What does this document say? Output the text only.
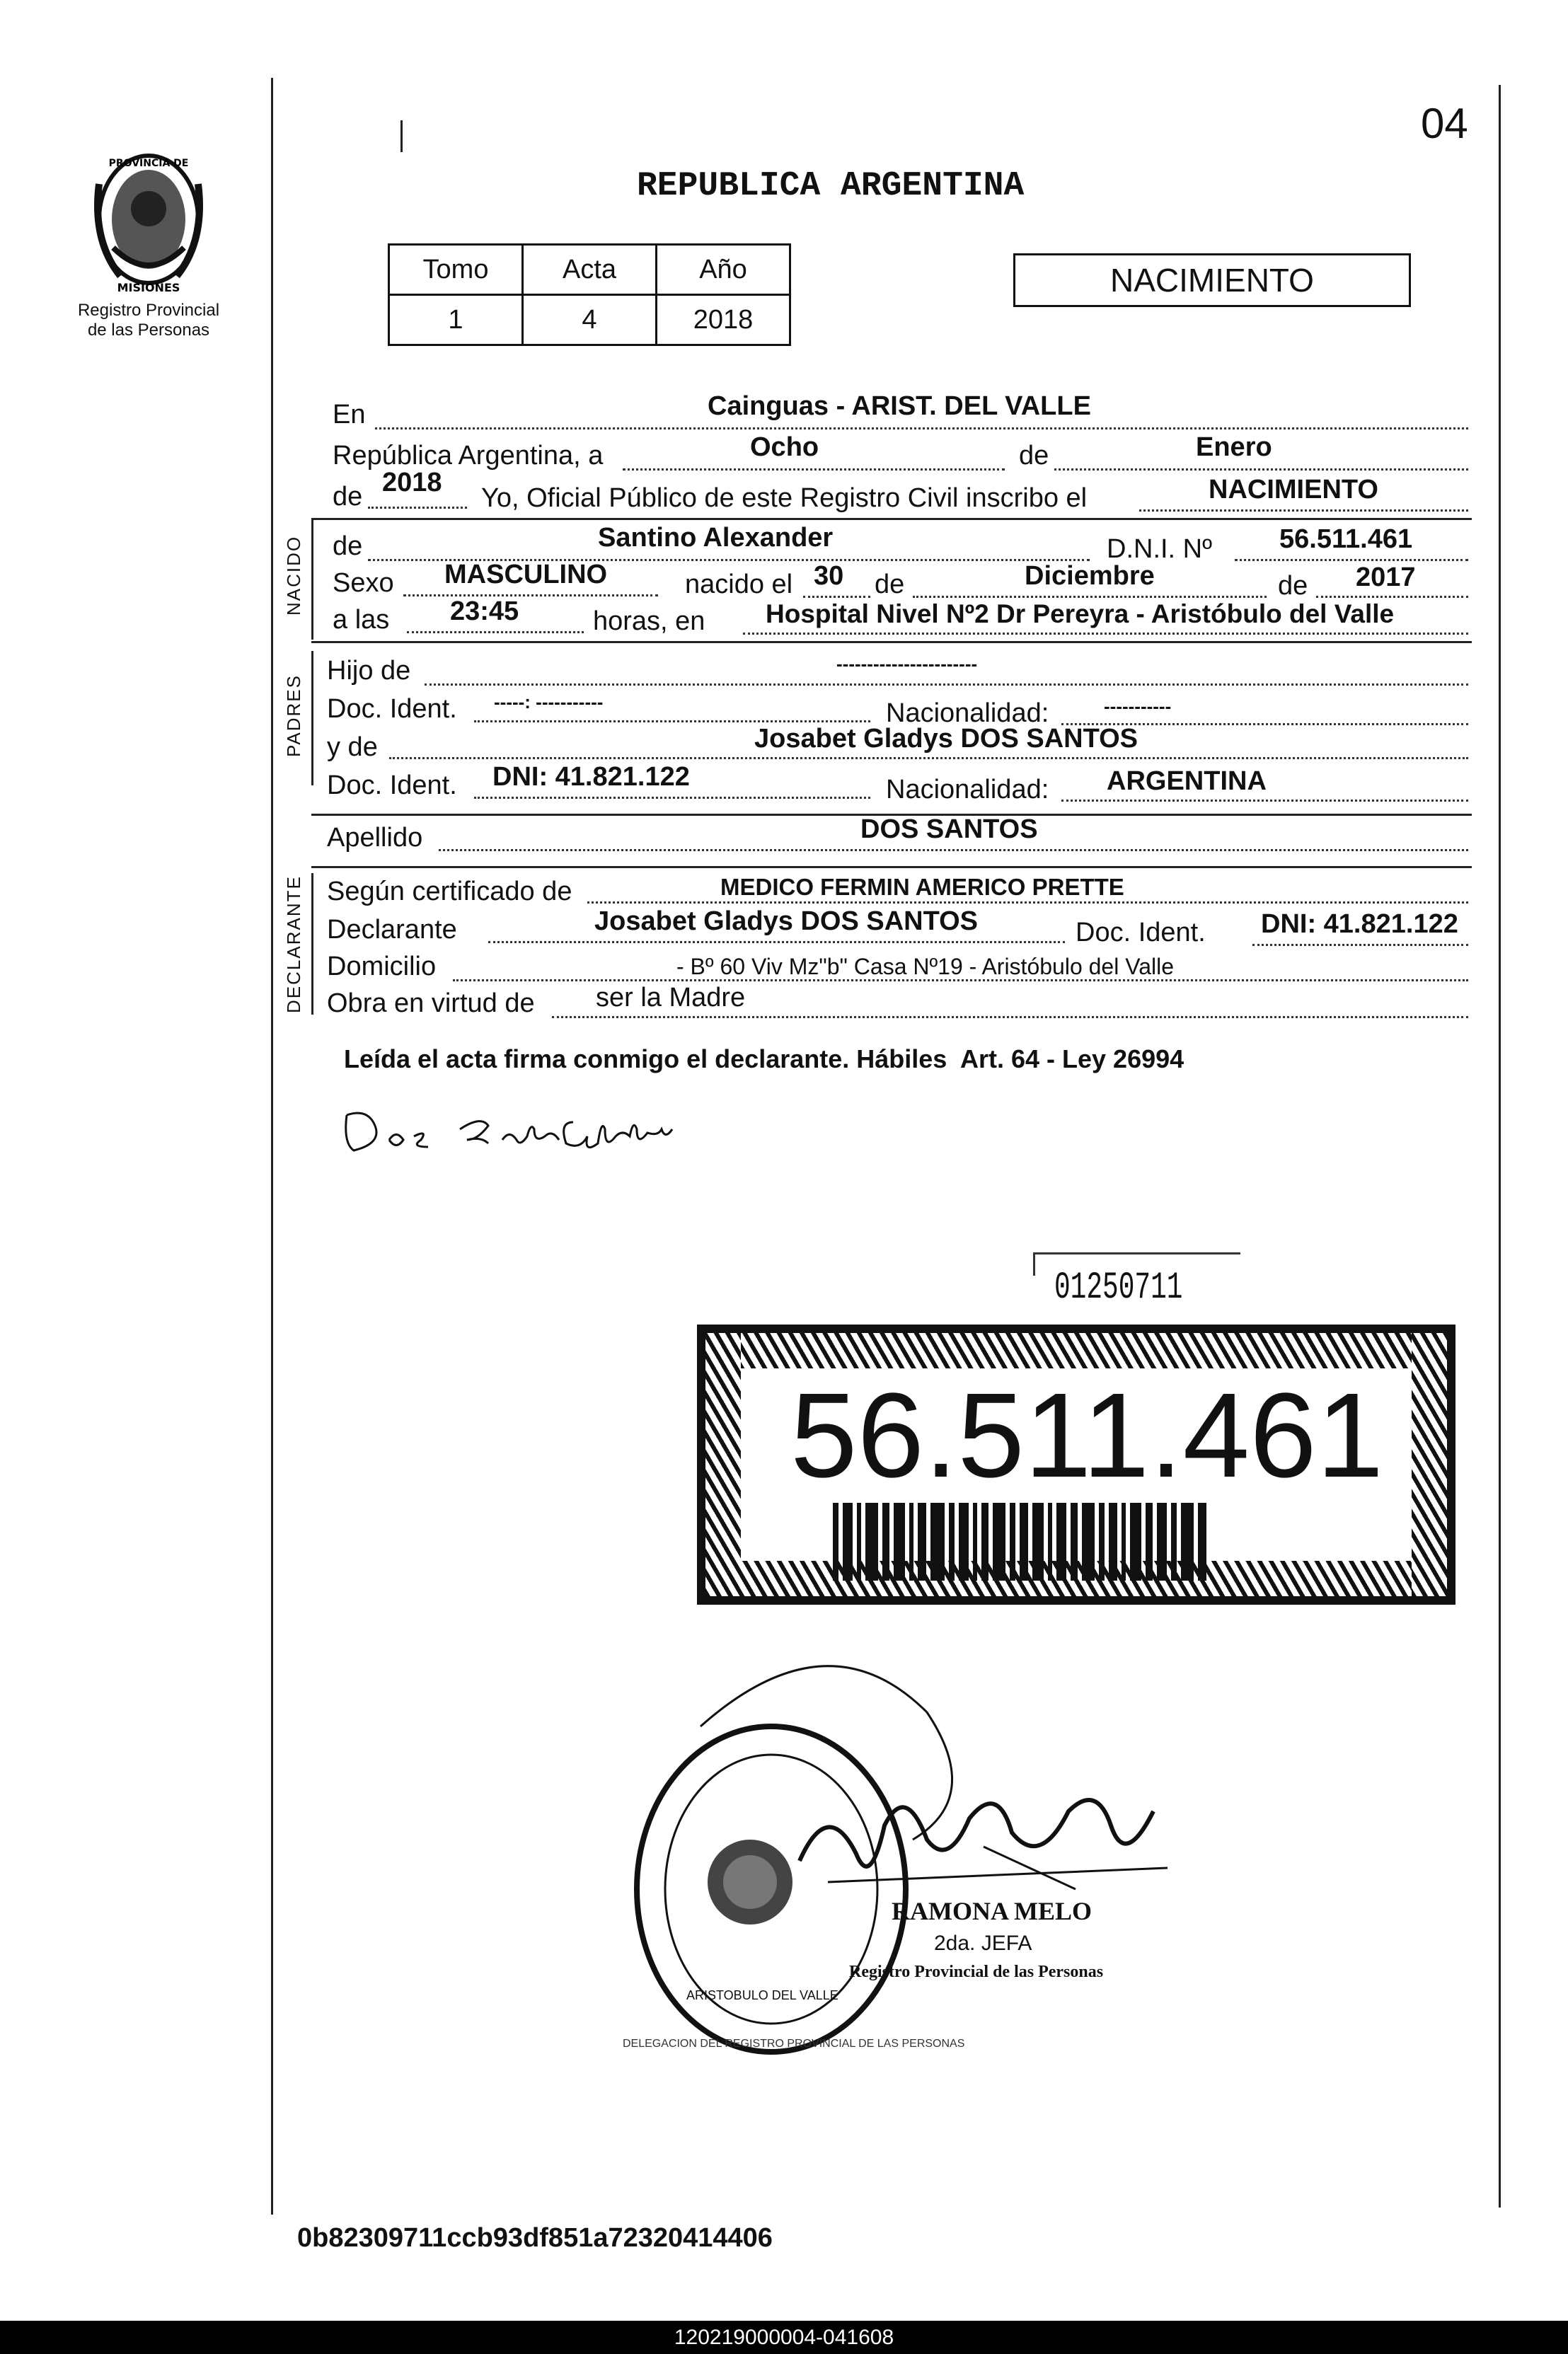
04
PROVINCIA DE
MISIONES
Registro Provincial
de las Personas
REPUBLICA ARGENTINA
Tomo	Acta	Año
1	4	2018
NACIMIENTO
En	Cainguas - ARIST. DEL VALLE
República Argentina, a	Ocho	de	Enero
de 2018
Yo, Oficial Público de este Registro Civil inscribo el	NACIMIENTO
NACIDO de	Santino Alexander	D.N.I. Nº	56.511.461
Sexo MASCULINO	nacido el 30 de	Diciembre	de 2017
a las 23:45	horas, en Hospital Nivel Nº2 Dr Pereyra - Aristóbulo del Valle
PADRES
Hijo de	-----------------------
Doc. Ident. -----: -----------	Nacionalidad:	-----------
y de	Josabet Gladys DOS SANTOS
Doc. Ident. DNI: 41.821.122	Nacionalidad: ARGENTINA
Apellido	DOS SANTOS
DECLARANTE Según certificado de	MEDICO FERMIN AMERICO PRETTE
Declarante	Josabet Gladys DOS SANTOS	Doc. Ident. DNI: 41.821.122
Domicilio	- Bº 60 Viv Mz"b" Casa Nº19 - Aristóbulo del Valle
Obra en virtud de ser la Madre
Leída el acta firma conmigo el declarante. Hábiles  Art. 64 - Ley 26994
01250711
56.511.461
RAMONA MELO
2da. JEFA
Registro Provincial de las Personas
DELEGACION DEL REGISTRO PROVINCIAL DE LAS PERSONAS
ARISTOBULO DEL VALLE
0b82309711ccb93df851a72320414406
120219000004-041608
